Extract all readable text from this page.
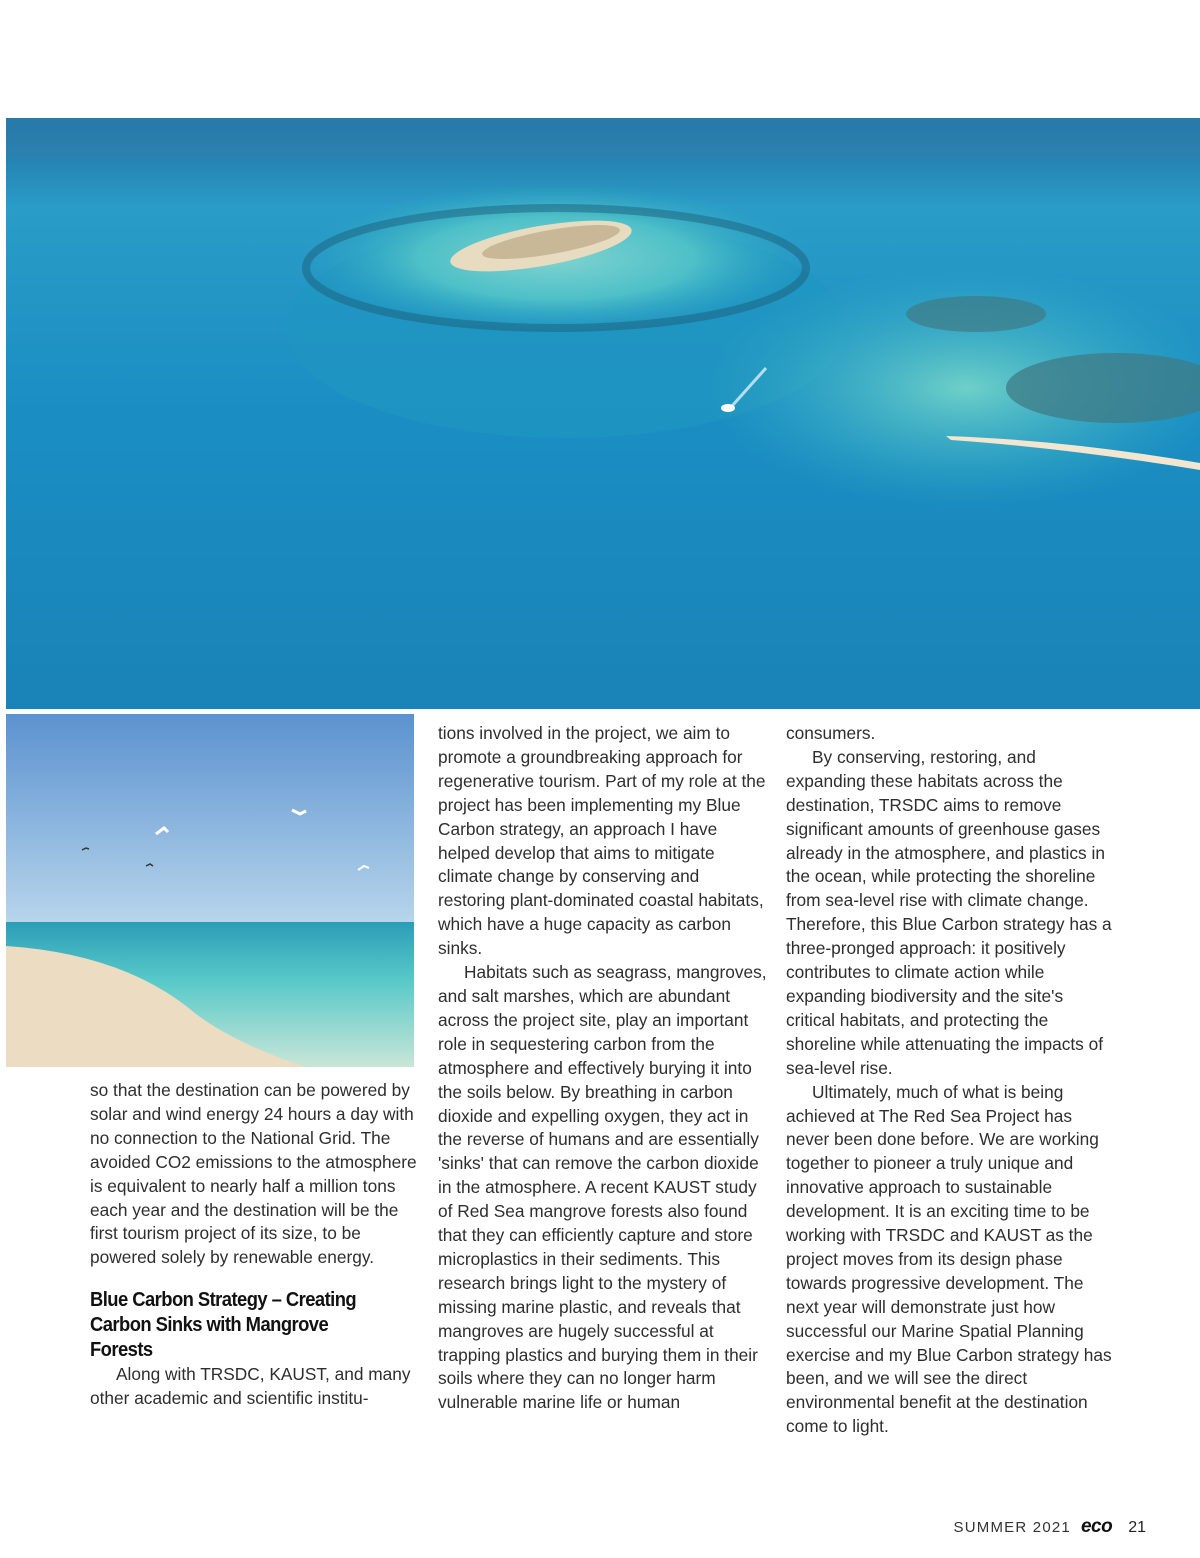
so that the destination can be powered by solar and wind energy 24 hours a day with no connection to the National Grid. The avoided CO2 emissions to the atmosphere is equivalent to nearly half a million tons each year and the destination will be the first tourism project of its size, to be powered solely by renewable energy.

Blue Carbon Strategy – Creating Carbon Sinks with Mangrove Forests

Along with TRSDC, KAUST, and many other academic and scientific institu-

tions involved in the project, we aim to promote a groundbreaking approach for regenerative tourism. Part of my role at the project has been implementing my Blue Carbon strategy, an approach I have helped develop that aims to mitigate climate change by conserving and restoring plant-dominated coastal habitats, which have a huge capacity as carbon sinks.

Habitats such as seagrass, mangroves, and salt marshes, which are abundant across the project site, play an important role in sequestering carbon from the atmosphere and effectively burying it into the soils below. By breathing in carbon dioxide and expelling oxygen, they act in the reverse of humans and are essentially 'sinks' that can remove the carbon dioxide in the atmosphere. A recent KAUST study of Red Sea mangrove forests also found that they can efficiently capture and store microplastics in their sediments. This research brings light to the mystery of missing marine plastic, and reveals that mangroves are hugely successful at trapping plastics and burying them in their soils where they can no longer harm vulnerable marine life or human

consumers.

By conserving, restoring, and expanding these habitats across the destination, TRSDC aims to remove significant amounts of greenhouse gases already in the atmosphere, and plastics in the ocean, while protecting the shoreline from sea-level rise with climate change. Therefore, this Blue Carbon strategy has a three-pronged approach: it positively contributes to climate action while expanding biodiversity and the site's critical habitats, and protecting the shoreline while attenuating the impacts of sea-level rise.

Ultimately, much of what is being achieved at The Red Sea Project has never been done before. We are working together to pioneer a truly unique and innovative approach to sustainable development. It is an exciting time to be working with TRSDC and KAUST as the project moves from its design phase towards progressive development. The next year will demonstrate just how successful our Marine Spatial Planning exercise and my Blue Carbon strategy has been, and we will see the direct environmental benefit at the destination come to light.

SUMMER 2021 eco 21
